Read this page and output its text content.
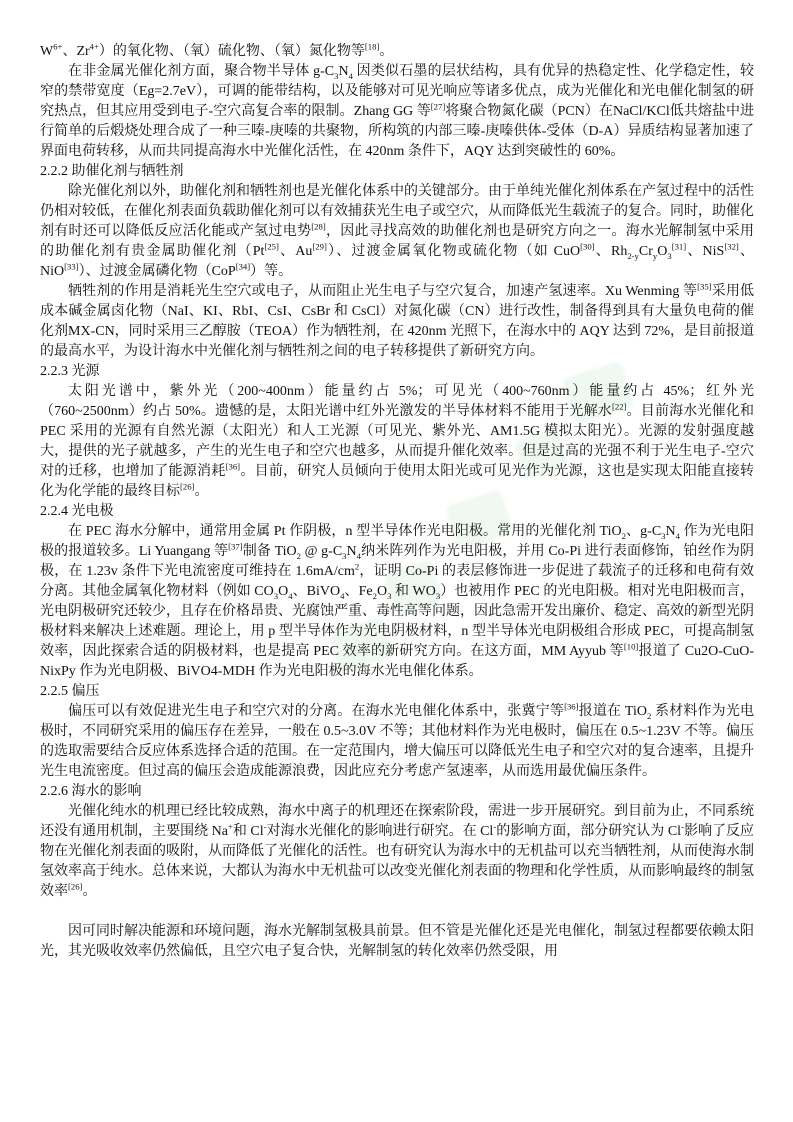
$W^{6+}$、$Zr^{4+}$）的氧化物、（氧）硫化物、（氧）氮化物等[18]。
在非金属光催化剂方面，聚合物半导体 $g-C_3N_4$ 因类似石墨的层状结构，具有优异的热稳定性、化学稳定性，较窄的禁带宽度（Eg=2.7eV），可调的能带结构，以及能够对可见光响应等诸多优点，成为光催化和光电催化制氢的研究热点，但其应用受到电子-空穴高复合率的限制。Zhang GG 等[27]将聚合物氮化碳（PCN）在NaCl/KCl低共熔盐中进行简单的后煅烧处理合成了一种三嗪-庚嗪的共聚物，所构筑的内部三嗪-庚嗪供体-受体（D-A）异质结构显著加速了界面电荷转移，从而共同提高海水中光催化活性，在 420nm 条件下，AQY 达到突破性的 60%。
2.2.2 助催化剂与牺牲剂
除光催化剂以外，助催化剂和牺牲剂也是光催化体系中的关键部分。由于单纯光催化剂体系在产氢过程中的活性仍相对较低，在催化剂表面负载助催化剂可以有效捕获光生电子或空穴，从而降低光生载流子的复合。同时，助催化剂有时还可以降低反应活化能或产氢过电势[28]，因此寻找高效的助催化剂也是研究方向之一。海水光解制氢中采用的助催化剂有贵金属助催化剂（Pt[25]、Au[29]）、过渡金属氧化物或硫化物（如 CuO[30]、$Rh_{2-y}Cr_yO_3[31]$、NiS[32]、NiO[33]）、过渡金属磷化物（CoP[34]）等。
牺牲剂的作用是消耗光生空穴或电子，从而阻止光生电子与空穴复合，加速产氢速率。Xu Wenming 等[35]采用低成本碱金属卤化物（NaI、KI、RbI、CsI、CsBr 和 CsCl）对氮化碳（CN）进行改性，制备得到具有大量负电荷的催化剂MX-CN，同时采用三乙醇胺（TEOA）作为牺牲剂，在 420nm 光照下，在海水中的 AQY 达到 72%，是目前报道的最高水平，为设计海水中光催化剂与牺牲剂之间的电子转移提供了新研究方向。
2.2.3 光源
太阳光谱中，紫外光（200~400nm）能量约占 5%；可见光（400~760nm）能量约占 45%；红外光（760~2500nm）约占 50%。遗憾的是，太阳光谱中红外光激发的半导体材料不能用于光解水[22]。目前海水光催化和 PEC 采用的光源有自然光源（太阳光）和人工光源（可见光、紫外光、AM1.5G 模拟太阳光）。光源的发射强度越大，提供的光子就越多，产生的光生电子和空穴也越多，从而提升催化效率。但是过高的光强不利于光生电子-空穴对的迁移，也增加了能源消耗[36]。目前，研究人员倾向于使用太阳光或可见光作为光源，这也是实现太阳能直接转化为化学能的最终目标[26]。
2.2.4 光电极
在 PEC 海水分解中，通常用金属 Pt 作阴极，n 型半导体作光电阳极。常用的光催化剂 TiO$_2$、$g-C_3N_4$ 作为光电阳极的报道较多。Li Yuangang 等[37]制备 TiO$_2$ @ $g-C_3N_4$纳米阵列作为光电阳极，并用 Co-Pi 进行表面修饰，铂丝作为阴极，在 1.23v 条件下光电流密度可维持在 $1.6mA/cm^2$，证明 Co-Pi 的表层修饰进一步促进了载流子的迁移和电荷有效分离。其他金属氧化物材料（例如 $CO_3O_4$、BiVO$_4$、$Fe_2O_3$ 和 $WO_3$）也被用作 PEC 的光电阳极。相对光电阳极而言，光电阴极研究还较少，且存在价格昂贵、光腐蚀严重、毒性高等问题，因此急需开发出廉价、稳定、高效的新型光阴极材料来解决上述难题。理论上，用 p 型半导体作为光电阴极材料，n 型半导体光电阴极组合形成 PEC，可提高制氢效率，因此探索合适的阴极材料，也是提高 PEC 效率的新研究方向。在这方面，MM Ayyub 等[10]报道了 Cu2O-CuO-NixPy 作为光电阴极、BiVO4-MDH 作为光电阳极的海水光电催化体系。
2.2.5 偏压
偏压可以有效促进光生电子和空穴对的分离。在海水光电催化体系中，张冀宁等[36]报道在 TiO$_2$ 系材料作为光电极时，不同研究采用的偏压存在差异，一般在 0.5~3.0V 不等；其他材料作为光电极时，偏压在 0.5~1.23V 不等。偏压的选取需要结合反应体系选择合适的范围。在一定范围内，增大偏压可以降低光生电子和空穴对的复合速率，且提升光生电流密度。但过高的偏压会造成能源浪费，因此应充分考虑产氢速率，从而选用最优偏压条件。
2.2.6 海水的影响
光催化纯水的机理已经比较成熟，海水中离子的机理还在探索阶段，需进一步开展研究。到目前为止，不同系统还没有通用机制，主要围绕 Na+和 Cl-对海水光催化的影响进行研究。在 Cl-的影响方面，部分研究认为 Cl-影响了反应物在光催化剂表面的吸附，从而降低了光催化的活性。也有研究认为海水中的无机盐可以充当牺牲剂，从而使海水制氢效率高于纯水。总体来说，大都认为海水中无机盐可以改变光催化剂表面的物理和化学性质，从而影响最终的制氢效率[26]。
因可同时解决能源和环境问题，海水光解制氢极具前景。但不管是光催化还是光电催化，制氢过程都要依赖太阳光，其光吸收效率仍然偏低，且空穴电子复合快，光解制氢的转化效率仍然受限，用
